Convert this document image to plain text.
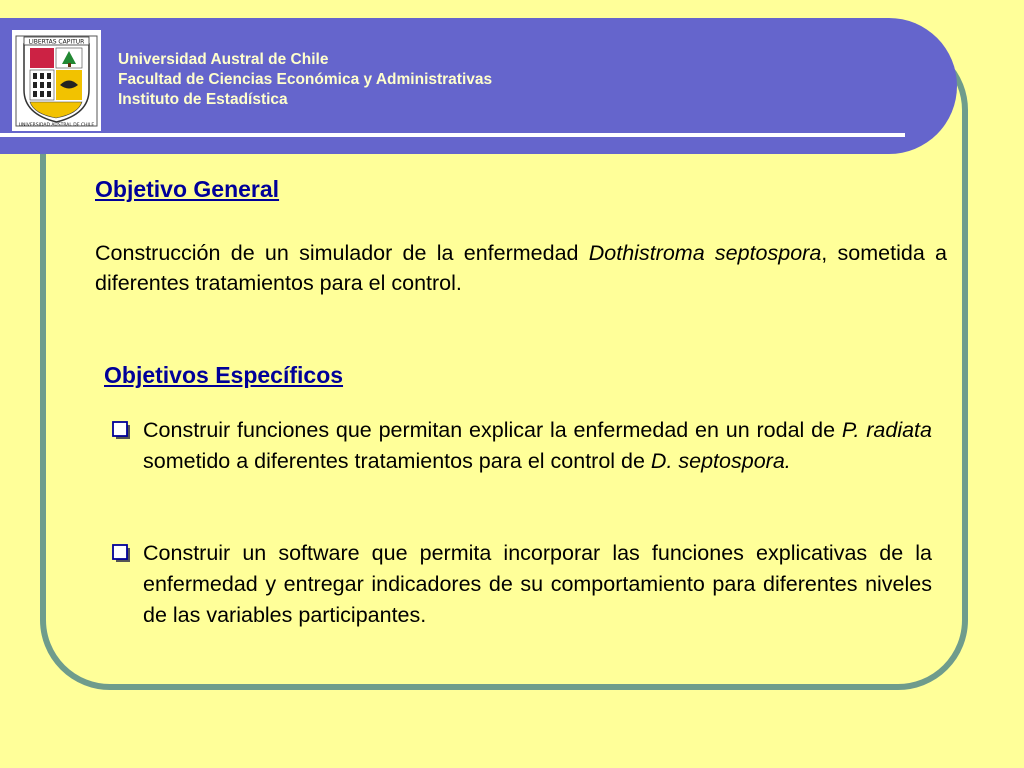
LIBERTAS CAPITUR
UNIVERSIDAD AUSTRAL DE CHILE
Universidad Austral de Chile
Facultad de Ciencias Económica y Administrativas
Instituto de Estadística
Objetivo General
Construcción de un simulador de la enfermedad Dothistroma septospora, sometida a diferentes tratamientos para el control.
Objetivos Específicos
Construir funciones que permitan explicar la enfermedad en un rodal de P. radiata sometido a diferentes tratamientos para el control de D. septospora.
Construir un software que permita incorporar las funciones explicativas de la enfermedad y entregar indicadores de su comportamiento para diferentes niveles de las variables participantes.
